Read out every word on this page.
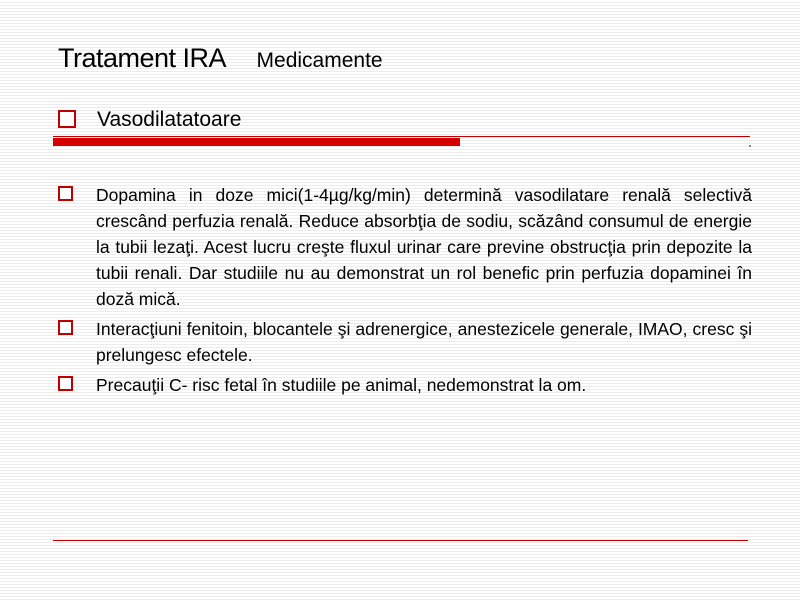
Tratament IRA Medicamente
Vasodilatatoare
Dopamina in doze mici(1-4µg/kg/min) determină vasodilatare renală selectivă crescând perfuzia renală. Reduce absorbţia de sodiu, scăzând consumul de energie la tubii lezaţi. Acest lucru creşte fluxul urinar care previne obstrucţia prin depozite la tubii renali. Dar studiile nu au demonstrat un rol benefic prin perfuzia dopaminei în doză mică.
Interacţiuni fenitoin, blocantele şi adrenergice, anestezicele generale, IMAO, cresc şi prelungesc efectele.
Precauţii C- risc fetal în studiile pe animal, nedemonstrat la om.
